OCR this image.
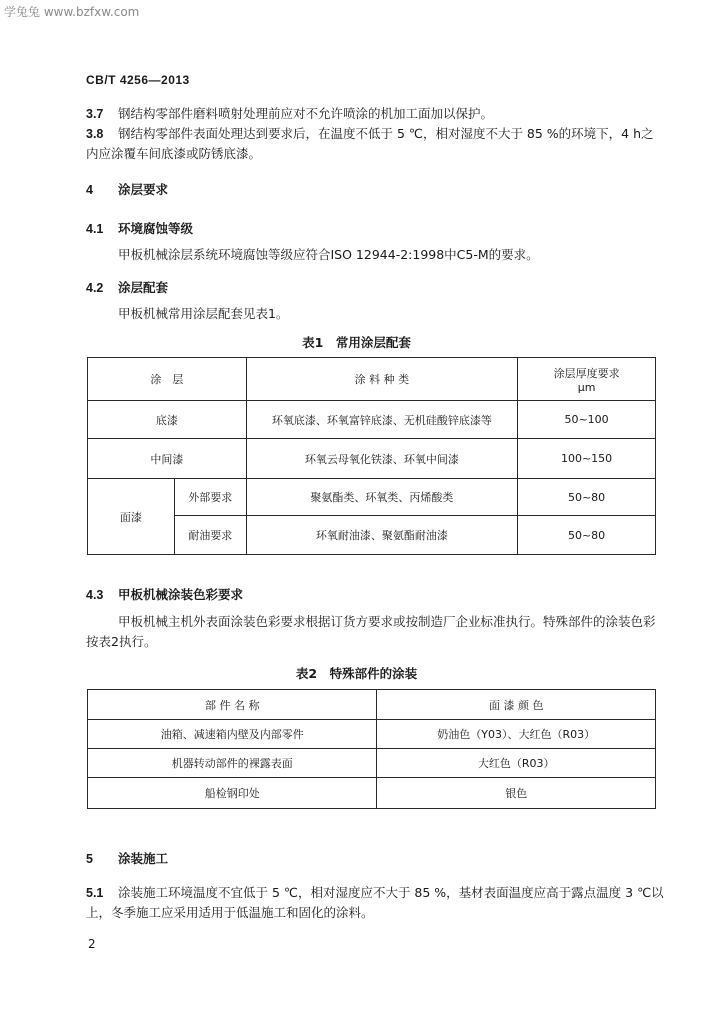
学兔兔 www.bzfxw.com
CB/T 4256—2013
3.7 钢结构零部件磨料喷射处理前应对不允许喷涂的机加工面加以保护。
3.8 钢结构零部件表面处理达到要求后，在温度不低于 5 ℃，相对湿度不大于 85 %的环境下，4 h之
内应涂覆车间底漆或防锈底漆。
4 涂层要求
4.1 环境腐蚀等级
甲板机械涂层系统环境腐蚀等级应符合ISO 12944-2:1998中C5-M的要求。
4.2 涂层配套
甲板机械常用涂层配套见表1。
表1　常用涂层配套
涂　层		涂 料 种 类	涂层厚度要求
μm

底漆		环氧底漆、环氧富锌底漆、无机硅酸锌底漆等	50~100
中间漆		环氧云母氧化铁漆、环氧中间漆	100~150
面漆	外部要求	聚氨酯类、环氧类、丙烯酸类	50~80
	耐油要求	环氧耐油漆、聚氨酯耐油漆	50~80
4.3 甲板机械涂装色彩要求
甲板机械主机外表面涂装色彩要求根据订货方要求或按制造厂企业标准执行。特殊部件的涂装色彩
按表2执行。
表2　特殊部件的涂装
部 件 名 称	面 漆 颜 色
油箱、减速箱内壁及内部零件	奶油色（Y03）、大红色（R03）
机器转动部件的裸露表面	大红色（R03）
船检钢印处	银色
5 涂装施工
5.1 涂装施工环境温度不宜低于 5 ℃，相对湿度应不大于 85 %，基材表面温度应高于露点温度 3 ℃以
上，冬季施工应采用适用于低温施工和固化的涂料。
2
